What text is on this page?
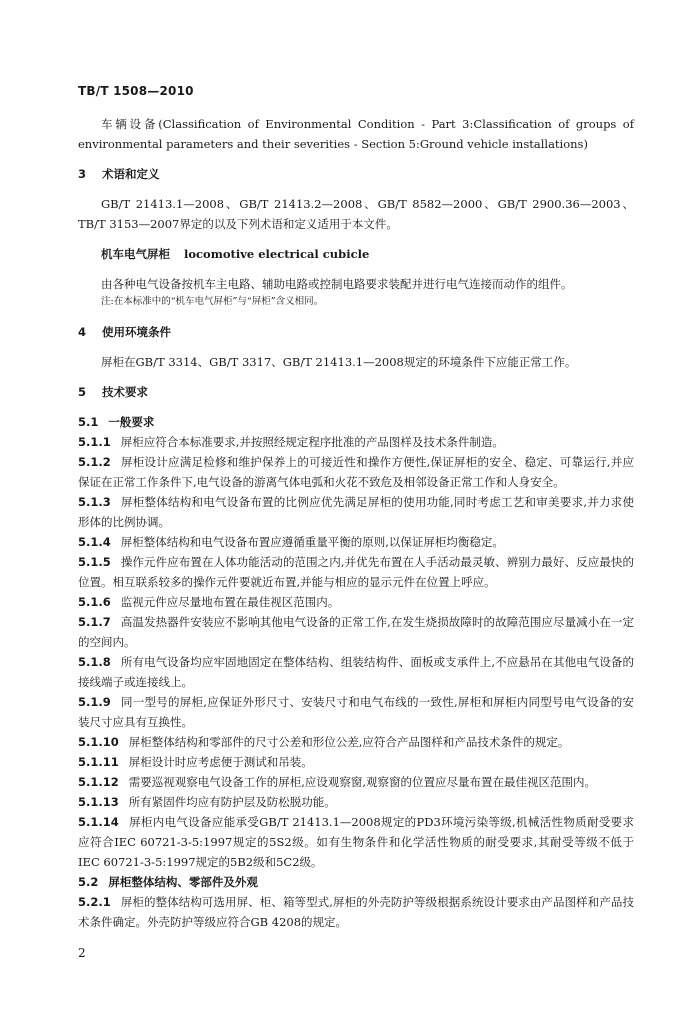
TB/T 1508—2010

车辆设备(Classification of Environmental Condition - Part 3:Classification of groups of environmental parameters and their severities - Section 5:Ground vehicle installations)

3 术语和定义

GB/T 21413.1—2008、GB/T 21413.2—2008、GB/T 8582—2000、GB/T 2900.36—2003、TB/T 3153—2007界定的以及下列术语和定义适用于本文件。

机车电气屏柜 locomotive electrical cubicle

由各种电气设备按机车主电路、辅助电路或控制电路要求装配并进行电气连接而动作的组件。

注:在本标准中的“机车电气屏柜”与“屏柜”含义相同。

4 使用环境条件

屏柜在GB/T 3314、GB/T 3317、GB/T 21413.1—2008规定的环境条件下应能正常工作。

5 技术要求

5.1 一般要求

5.1.1 屏柜应符合本标准要求,并按照经规定程序批准的产品图样及技术条件制造。

5.1.2 屏柜设计应满足检修和维护保养上的可接近性和操作方便性,保证屏柜的安全、稳定、可靠运行,并应保证在正常工作条件下,电气设备的游离气体电弧和火花不致危及相邻设备正常工作和人身安全。

5.1.3 屏柜整体结构和电气设备布置的比例应优先满足屏柜的使用功能,同时考虑工艺和审美要求,并力求使形体的比例协调。

5.1.4 屏柜整体结构和电气设备布置应遵循重量平衡的原则,以保证屏柜均衡稳定。

5.1.5 操作元件应布置在人体功能活动的范围之内,并优先布置在人手活动最灵敏、辨别力最好、反应最快的位置。相互联系较多的操作元件要就近布置,并能与相应的显示元件在位置上呼应。

5.1.6 监视元件应尽量地布置在最佳视区范围内。

5.1.7 高温发热器件安装应不影响其他电气设备的正常工作,在发生烧损故障时的故障范围应尽量减小在一定的空间内。

5.1.8 所有电气设备均应牢固地固定在整体结构、组装结构件、面板或支承件上,不应悬吊在其他电气设备的接线端子或连接线上。

5.1.9 同一型号的屏柜,应保证外形尺寸、安装尺寸和电气布线的一致性,屏柜和屏柜内同型号电气设备的安装尺寸应具有互换性。

5.1.10 屏柜整体结构和零部件的尺寸公差和形位公差,应符合产品图样和产品技术条件的规定。

5.1.11 屏柜设计时应考虑便于测试和吊装。

5.1.12 需要巡视观察电气设备工作的屏柜,应设观察窗,观察窗的位置应尽量布置在最佳视区范围内。

5.1.13 所有紧固件均应有防护层及防松脱功能。

5.1.14 屏柜内电气设备应能承受GB/T 21413.1—2008规定的PD3环境污染等级,机械活性物质耐受要求应符合IEC 60721-3-5:1997规定的5S2级。如有生物条件和化学活性物质的耐受要求,其耐受等级不低于IEC 60721-3-5:1997规定的5B2级和5C2级。

5.2 屏柜整体结构、零部件及外观

5.2.1 屏柜的整体结构可选用屏、柜、箱等型式,屏柜的外壳防护等级根据系统设计要求由产品图样和产品技术条件确定。外壳防护等级应符合GB 4208的规定。

2
